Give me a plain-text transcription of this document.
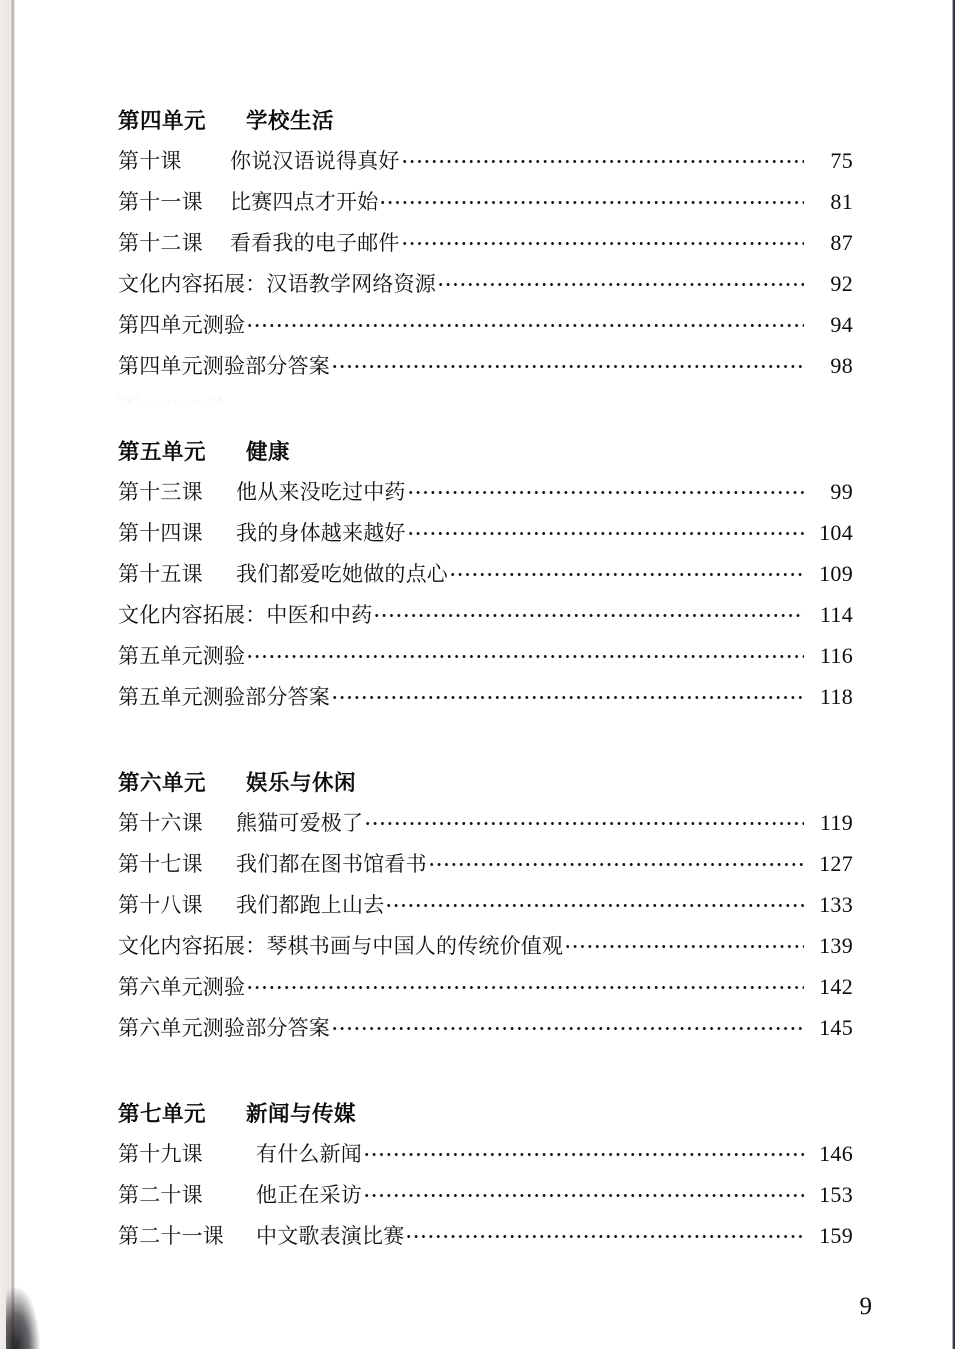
ᵛᵞᵎ ᐧᐧᐧᐧᐧᐧᐧᐧᐧ ᵎᵌ
第四单元	学校生活
第十课	你说汉语说得真好	75
第十一课	比赛四点才开始	81
第十二课	看看我的电子邮件	87
文化内容拓展：汉语教学网络资源	92
第四单元测验	94
第四单元测验部分答案	98
第五单元	健康
第十三课	他从来没吃过中药	99
第十四课	我的身体越来越好	104
第十五课	我们都爱吃她做的点心	109
文化内容拓展：中医和中药	114
第五单元测验	116
第五单元测验部分答案	118
第六单元	娱乐与休闲
第十六课	熊猫可爱极了	119
第十七课	我们都在图书馆看书	127
第十八课	我们都跑上山去	133
文化内容拓展：琴棋书画与中国人的传统价值观	139
第六单元测验	142
第六单元测验部分答案	145
第七单元	新闻与传媒
第十九课	有什么新闻	146
第二十课	他正在采访	153
第二十一课	中文歌表演比赛	159
9
